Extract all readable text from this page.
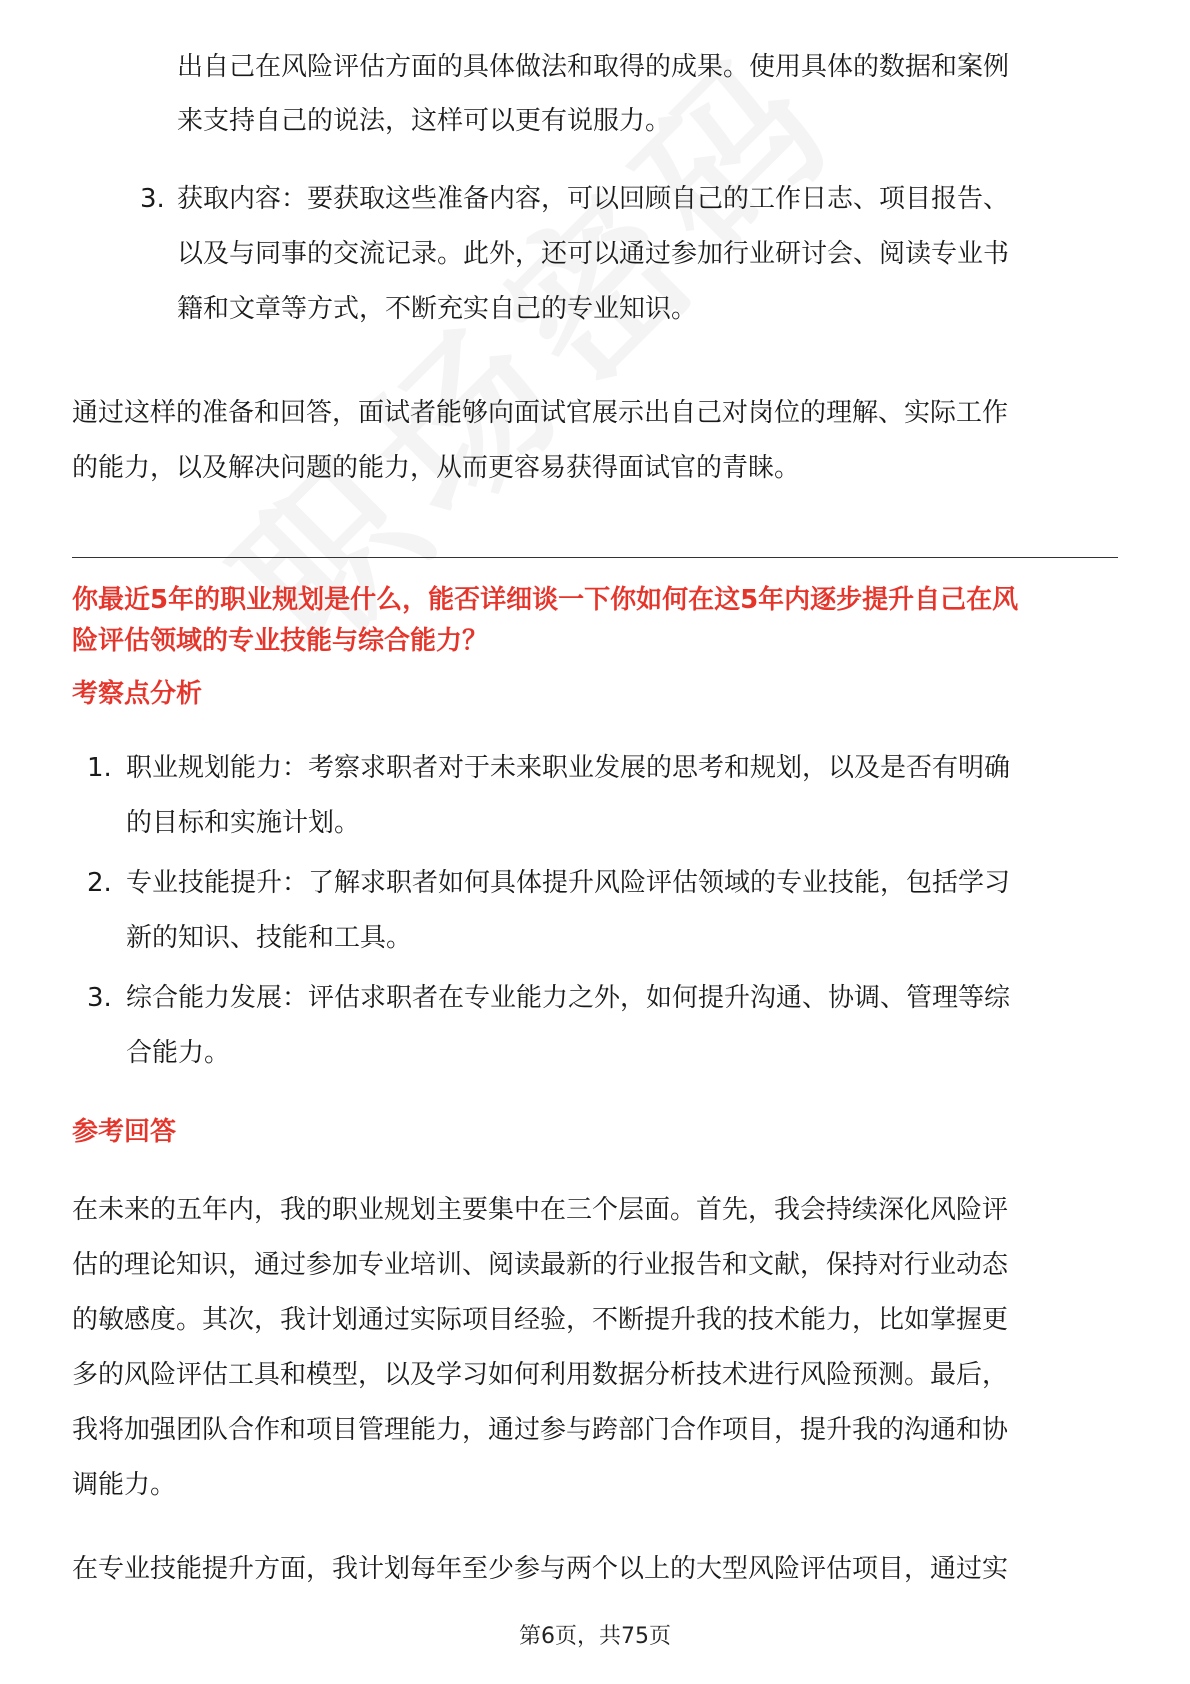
出自己在风险评估方面的具体做法和取得的成果。使用具体的数据和案例
来支持自己的说法，这样可以更有说服力。
3. 获取内容：要获取这些准备内容，可以回顾自己的工作日志、项目报告、
以及与同事的交流记录。此外，还可以通过参加行业研讨会、阅读专业书
籍和文章等方式，不断充实自己的专业知识。
通过这样的准备和回答，面试者能够向面试官展示出自己对岗位的理解、实际工作
的能力，以及解决问题的能力，从而更容易获得面试官的青睐。
你最近5年的职业规划是什么，能否详细谈一下你如何在这5年内逐步提升自己在风
险评估领域的专业技能与综合能力？
考察点分析
1. 职业规划能力：考察求职者对于未来职业发展的思考和规划，以及是否有明确
的目标和实施计划。
2. 专业技能提升：了解求职者如何具体提升风险评估领域的专业技能，包括学习
新的知识、技能和工具。
3. 综合能力发展：评估求职者在专业能力之外，如何提升沟通、协调、管理等综
合能力。
参考回答
在未来的五年内，我的职业规划主要集中在三个层面。首先，我会持续深化风险评
估的理论知识，通过参加专业培训、阅读最新的行业报告和文献，保持对行业动态
的敏感度。其次，我计划通过实际项目经验，不断提升我的技术能力，比如掌握更
多的风险评估工具和模型，以及学习如何利用数据分析技术进行风险预测。最后，
我将加强团队合作和项目管理能力，通过参与跨部门合作项目，提升我的沟通和协
调能力。
在专业技能提升方面，我计划每年至少参与两个以上的大型风险评估项目，通过实
第6页，共75页
